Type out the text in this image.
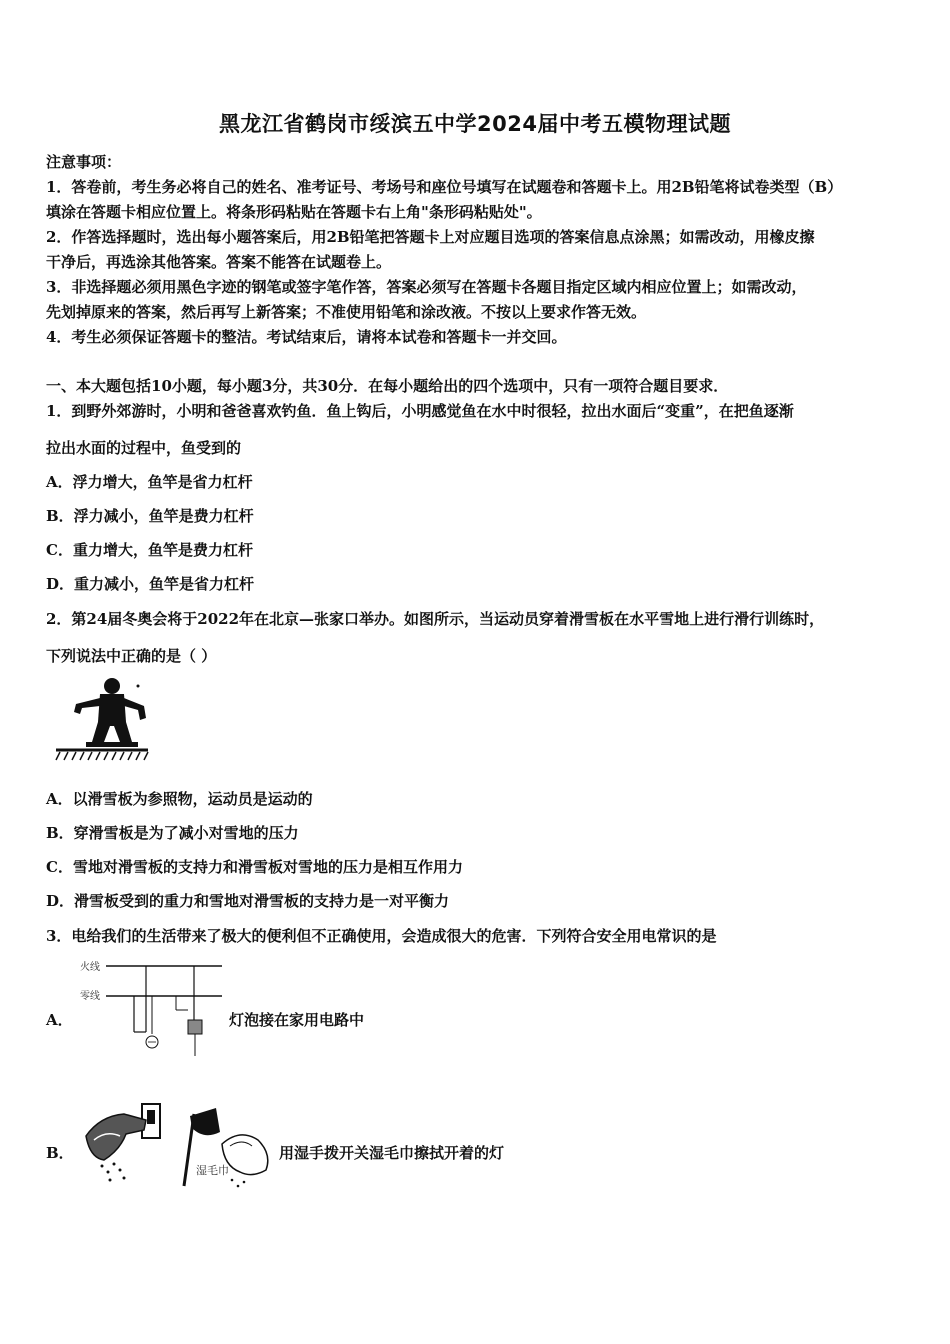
黑龙江省鹤岗市绥滨五中学2024届中考五模物理试题
注意事项：
1．答卷前，考生务必将自己的姓名、准考证号、考场号和座位号填写在试题卷和答题卡上。用2B铅笔将试卷类型（B）
填涂在答题卡相应位置上。将条形码粘贴在答题卡右上角"条形码粘贴处"。
2．作答选择题时，选出每小题答案后，用2B铅笔把答题卡上对应题目选项的答案信息点涂黑；如需改动，用橡皮擦
干净后，再选涂其他答案。答案不能答在试题卷上。
3．非选择题必须用黑色字迹的钢笔或签字笔作答，答案必须写在答题卡各题目指定区域内相应位置上；如需改动，
先划掉原来的答案，然后再写上新答案；不准使用铅笔和涂改液。不按以上要求作答无效。
4．考生必须保证答题卡的整洁。考试结束后，请将本试卷和答题卡一并交回。
一、本大题包括10小题，每小题3分，共30分．在每小题给出的四个选项中，只有一项符合题目要求．
1．到野外郊游时，小明和爸爸喜欢钓鱼．鱼上钩后，小明感觉鱼在水中时很轻，拉出水面后“变重”，在把鱼逐渐
拉出水面的过程中，鱼受到的
A．浮力增大，鱼竿是省力杠杆
B．浮力减小，鱼竿是费力杠杆
C．重力增大，鱼竿是费力杠杆
D．重力减小，鱼竿是省力杠杆
2．第24届冬奥会将于2022年在北京—张家口举办。如图所示，当运动员穿着滑雪板在水平雪地上进行滑行训练时，
下列说法中正确的是（ ）
A．以滑雪板为参照物，运动员是运动的
B．穿滑雪板是为了减小对雪地的压力
C．雪地对滑雪板的支持力和滑雪板对雪地的压力是相互作用力
D．滑雪板受到的重力和雪地对滑雪板的支持力是一对平衡力
3．电给我们的生活带来了极大的便利但不正确使用，会造成很大的危害．下列符合安全用电常识的是
A．
火线
零线
灯泡接在家用电路中
B．
湿毛巾
用湿手拨开关湿毛巾擦拭开着的灯
